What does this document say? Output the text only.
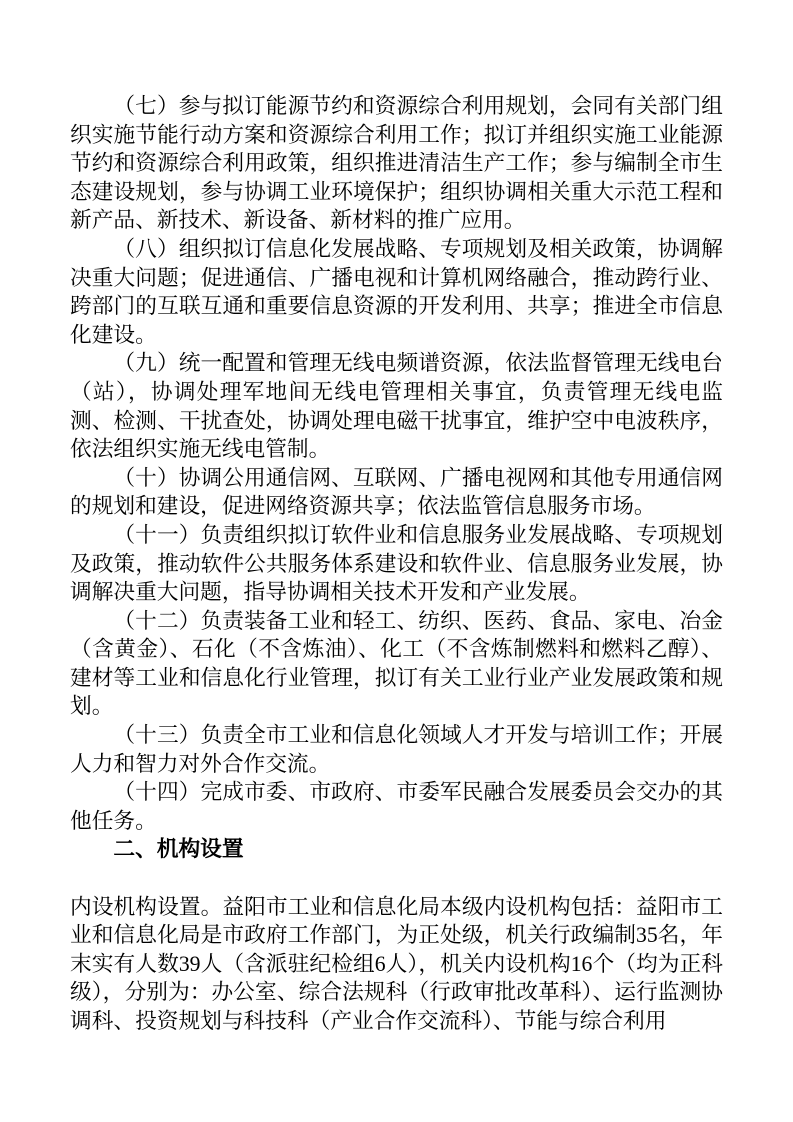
（七）参与拟订能源节约和资源综合利用规划，会同有关部门组织实施节能行动方案和资源综合利用工作；拟订并组织实施工业能源节约和资源综合利用政策，组织推进清洁生产工作；参与编制全市生态建设规划，参与协调工业环境保护；组织协调相关重大示范工程和新产品、新技术、新设备、新材料的推广应用。
（八）组织拟订信息化发展战略、专项规划及相关政策，协调解决重大问题；促进通信、广播电视和计算机网络融合，推动跨行业、跨部门的互联互通和重要信息资源的开发利用、共享；推进全市信息化建设。
（九）统一配置和管理无线电频谱资源，依法监督管理无线电台（站），协调处理军地间无线电管理相关事宜，负责管理无线电监测、检测、干扰查处，协调处理电磁干扰事宜，维护空中电波秩序，依法组织实施无线电管制。
（十）协调公用通信网、互联网、广播电视网和其他专用通信网的规划和建设，促进网络资源共享；依法监管信息服务市场。
（十一）负责组织拟订软件业和信息服务业发展战略、专项规划及政策，推动软件公共服务体系建设和软件业、信息服务业发展，协调解决重大问题，指导协调相关技术开发和产业发展。
（十二）负责装备工业和轻工、纺织、医药、食品、家电、冶金（含黄金）、石化（不含炼油）、化工（不含炼制燃料和燃料乙醇）、建材等工业和信息化行业管理，拟订有关工业行业产业发展政策和规划。
（十三）负责全市工业和信息化领域人才开发与培训工作；开展人力和智力对外合作交流。
（十四）完成市委、市政府、市委军民融合发展委员会交办的其他任务。
二、机构设置
内设机构设置。益阳市工业和信息化局本级内设机构包括：益阳市工业和信息化局是市政府工作部门，为正处级，机关行政编制35名，年末实有人数39人（含派驻纪检组6人），机关内设机构16个（均为正科级），分别为：办公室、综合法规科（行政审批改革科）、运行监测协调科、投资规划与科技科（产业合作交流科）、节能与综合利用
